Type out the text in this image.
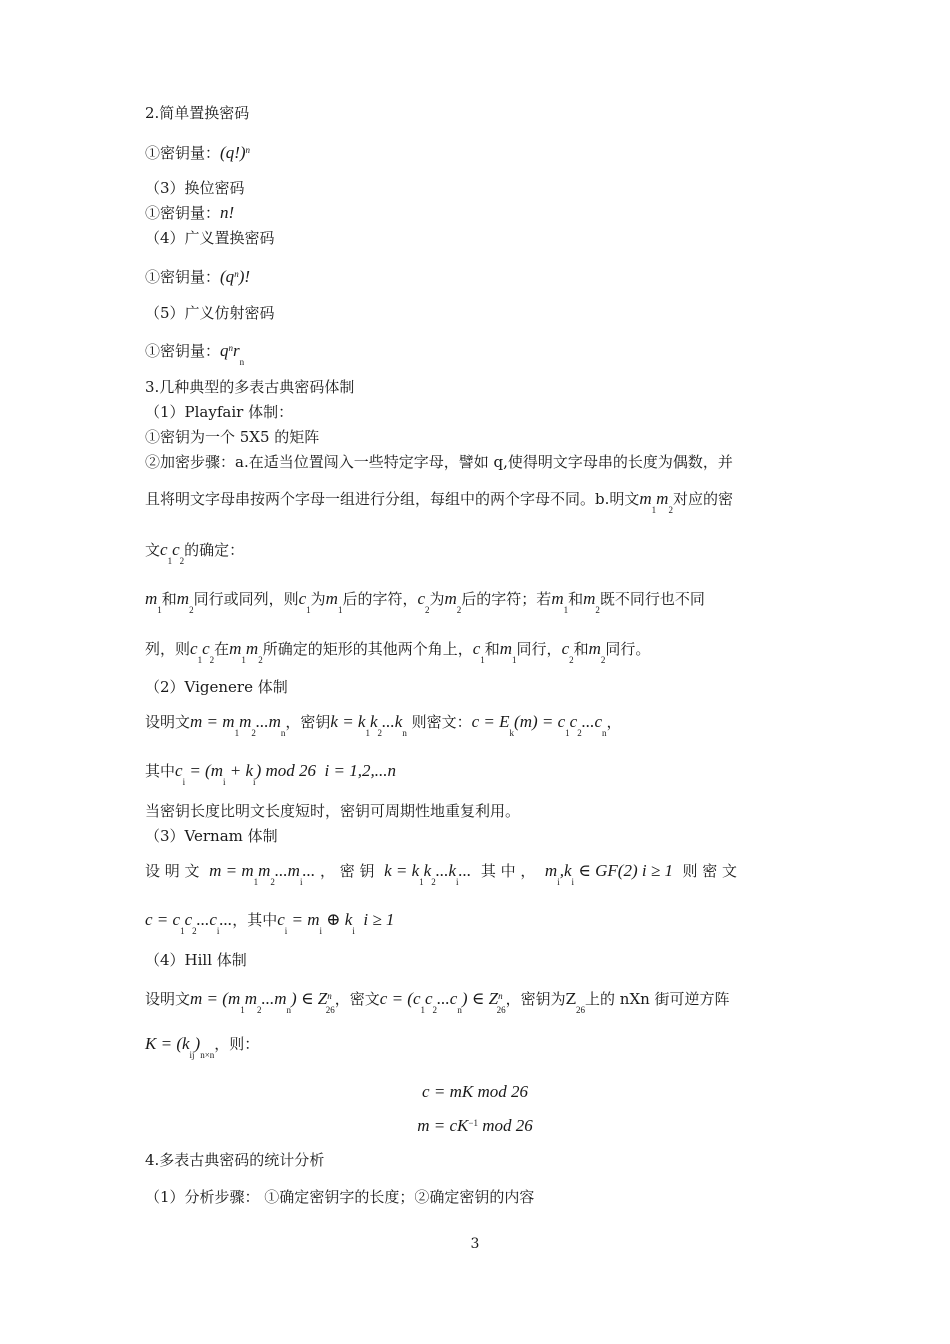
2.简单置换密码
①密钥量：$(q!)^n$
（3）换位密码
①密钥量：n!
（4）广义置换密码
①密钥量：$(q^n)$!
（5）广义仿射密码
①密钥量：$q^nr_n$
3.几种典型的多表古典密码体制
（1）Playfair 体制：
①密钥为一个 5X5 的矩阵
②加密步骤：a.在适当位置闯入一些特定字母，譬如 q,使得明文字母串的长度为偶数，并
且将明文字母串按两个字母一组进行分组，每组中的两个字母不同。b.明文$m_1m_2$对应的密
文$c_1c_2$的确定：
$m_1$和$m_2$同行或同列，则$c_1$为$m_1$后的字符，$c_2$为$m_2$后的字符；若$m_1$和$m_2$既不同行也不同
列，则$c_1c_2$在$m_1m_2$所确定的矩形的其他两个角上，$c_1$和$m_1$同行，$c_2$和$m_2$同行。
（2）Vigenere 体制
设明文$m = m_1m_2...m_n$，密钥$k = k_1k_2...k_n$ 则密文：$c = E_k(m) = c_1c_2...c_n$，
其中$c_i = (m_i + k_i)$ mod 26  i = 1,2,...n
当密钥长度比明文长度短时，密钥可周期性地重复利用。
（3）Vernam 体制
设 明 文 $m = m_1m_2...m_i$... ， 密 钥 $k = k_1k_2...k_i$... 其 中 ， $m_i,k_i$ ∈ GF(2) i ≥ 1 则 密 文
$c = c_1c_2...c_i$...，其中$c_i = m_i$ ⊕ $k_i$  i ≥ 1
（4）Hill 体制
设明文$m = (m_1m_2...m_n)$ ∈ $Z^n_{26}$，密文$c = (c_1c_2...c_n)$ ∈ $Z^n_{26}$，密钥为$Z_{26}$上的 nXn 街可逆方阵
$K = (k_{ij})_{n\times n}$，则：
c = mK mod 26
$m = cK^{-1}$ mod 26
4.多表古典密码的统计分析
（1）分析步骤： ①确定密钥字的长度；②确定密钥的内容
3
